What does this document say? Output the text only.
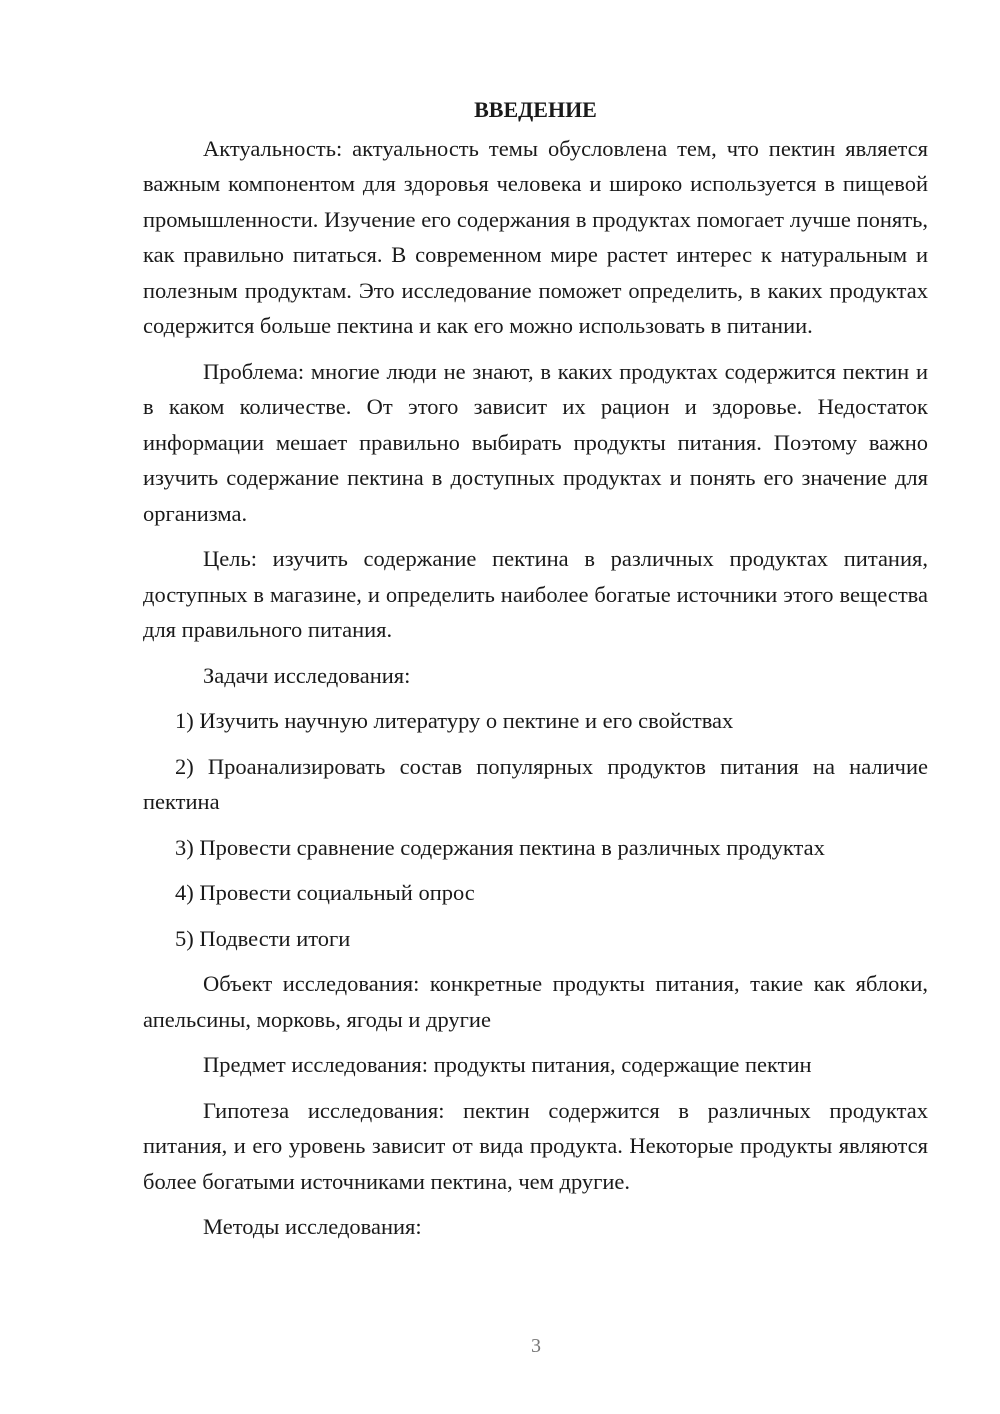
ВВЕДЕНИЕ

Актуальность: актуальность темы обусловлена тем, что пектин является важным компонентом для здоровья человека и широко используется в пищевой промышленности. Изучение его содержания в продуктах помогает лучше понять, как правильно питаться. В современном мире растет интерес к натуральным и полезным продуктам. Это исследование поможет определить, в каких продуктах содержится больше пектина и как его можно использовать в питании.

Проблема: многие люди не знают, в каких продуктах содержится пектин и в каком количестве. От этого зависит их рацион и здоровье. Недостаток информации мешает правильно выбирать продукты питания. Поэтому важно изучить содержание пектина в доступных продуктах и понять его значение для организма.

Цель: изучить содержание пектина в различных продуктах питания, доступных в магазине, и определить наиболее богатые источники этого вещества для правильного питания.

Задачи исследования:

1) Изучить научную литературу о пектине и его свойствах

2) Проанализировать состав популярных продуктов питания на наличие пектина

3) Провести сравнение содержания пектина в различных продуктах

4) Провести социальный опрос

5) Подвести итоги

Объект исследования: конкретные продукты питания, такие как яблоки, апельсины, морковь, ягоды и другие

Предмет исследования: продукты питания, содержащие пектин

Гипотеза исследования: пектин содержится в различных продуктах питания, и его уровень зависит от вида продукта. Некоторые продукты являются более богатыми источниками пектина, чем другие.

Методы исследования:

3
